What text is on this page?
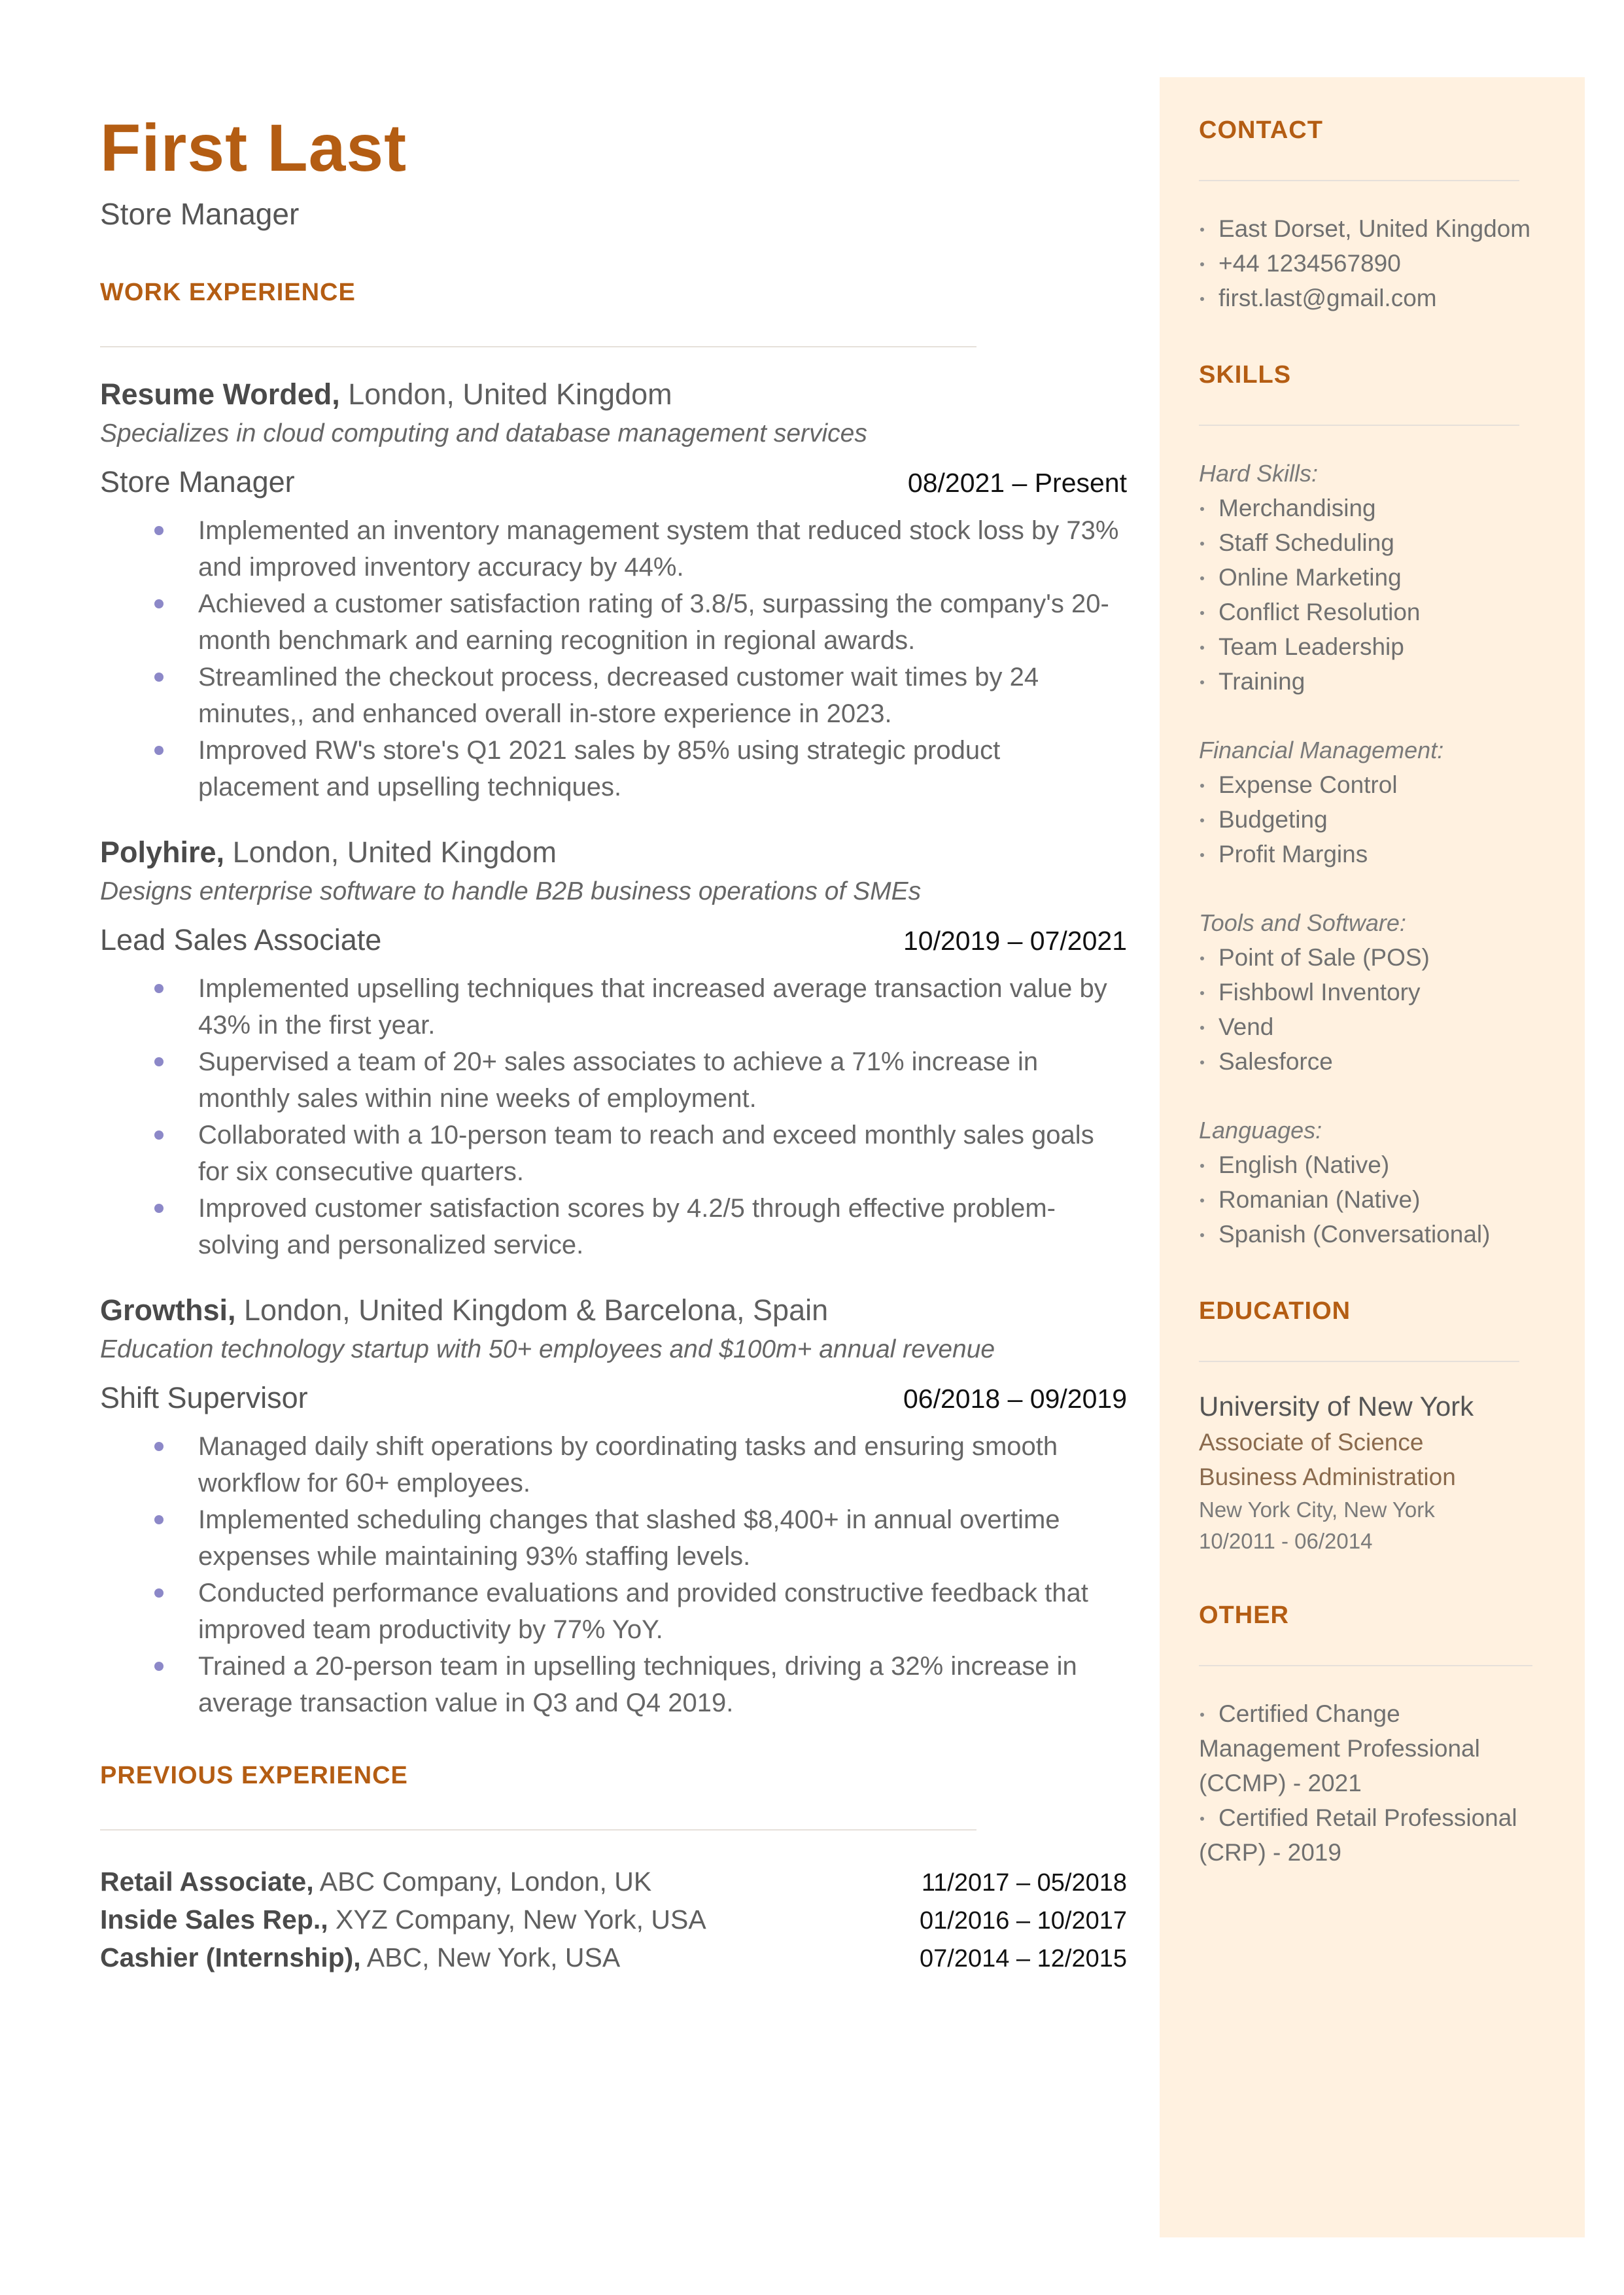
First Last
Store Manager
WORK EXPERIENCE
Resume Worded, London, United Kingdom
Specializes in cloud computing and database management services
Store Manager	08/2021 – Present
Implemented an inventory management system that reduced stock loss by 73% and improved inventory accuracy by 44%.
Achieved a customer satisfaction rating of 3.8/5, surpassing the company's 20-month benchmark and earning recognition in regional awards.
Streamlined the checkout process, decreased customer wait times by 24 minutes,, and enhanced overall in-store experience in 2023.
Improved RW's store's Q1 2021 sales by 85% using strategic product placement and upselling techniques.
Polyhire, London, United Kingdom
Designs enterprise software to handle B2B business operations of SMEs
Lead Sales Associate	10/2019 – 07/2021
Implemented upselling techniques that increased average transaction value by 43% in the first year.
Supervised a team of 20+ sales associates to achieve a 71% increase in monthly sales within nine weeks of employment.
Collaborated with a 10-person team to reach and exceed monthly sales goals for six consecutive quarters.
Improved customer satisfaction scores by 4.2/5 through effective problem-solving and personalized service.
Growthsi, London, United Kingdom & Barcelona, Spain
Education technology startup with 50+ employees and $100m+ annual revenue
Shift Supervisor	06/2018 – 09/2019
Managed daily shift operations by coordinating tasks and ensuring smooth workflow for 60+ employees.
Implemented scheduling changes that slashed $8,400+ in annual overtime expenses while maintaining 93% staffing levels.
Conducted performance evaluations and provided constructive feedback that improved team productivity by 77% YoY.
Trained a 20-person team in upselling techniques, driving a 32% increase in average transaction value in Q3 and Q4 2019.
PREVIOUS EXPERIENCE
Retail Associate, ABC Company, London, UK	11/2017 – 05/2018
Inside Sales Rep., XYZ Company, New York, USA	01/2016 – 10/2017
Cashier (Internship), ABC, New York, USA	07/2014 – 12/2015
CONTACT
East Dorset, United Kingdom
+44 1234567890
first.last@gmail.com
SKILLS
Hard Skills:
Merchandising
Staff Scheduling
Online Marketing
Conflict Resolution
Team Leadership
Training
Financial Management:
Expense Control
Budgeting
Profit Margins
Tools and Software:
Point of Sale (POS)
Fishbowl Inventory
Vend
Salesforce
Languages:
English (Native)
Romanian (Native)
Spanish (Conversational)
EDUCATION
University of New York
Associate of Science
Business Administration
New York City, New York
10/2011 - 06/2014
OTHER
Certified Change
Management Professional
(CCMP) - 2021
Certified Retail Professional
(CRP) - 2019
